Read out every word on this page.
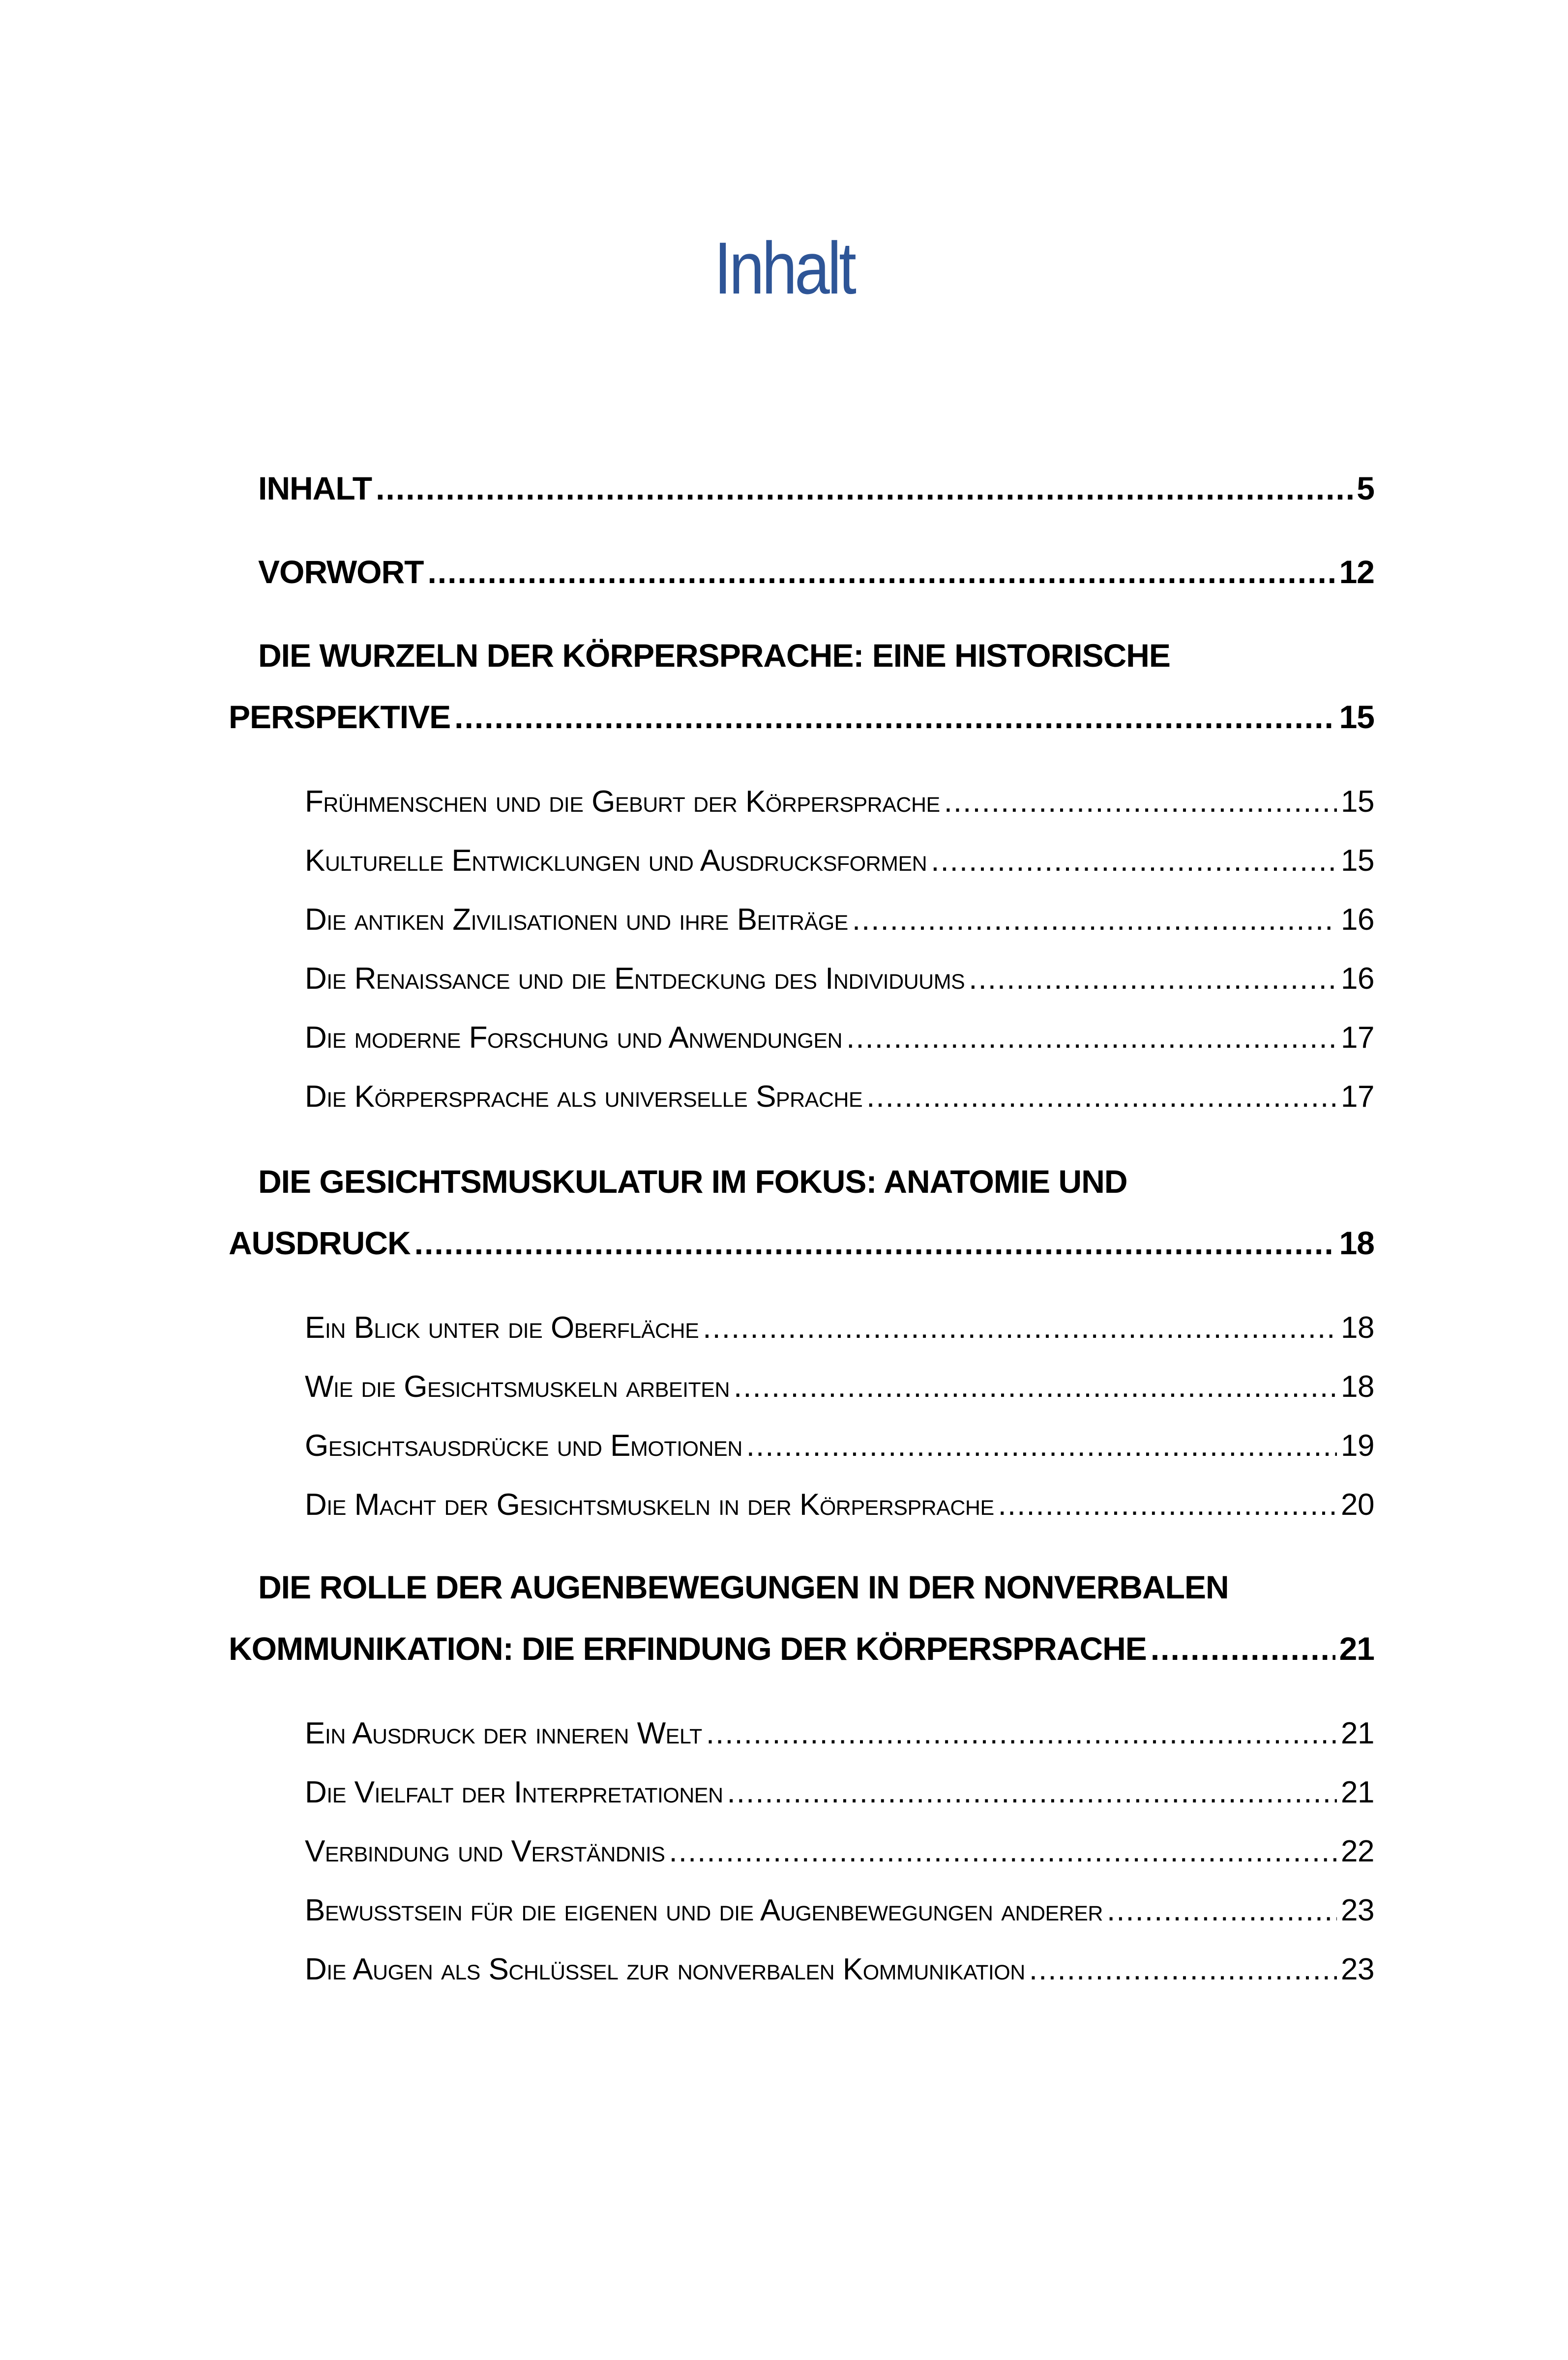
Inhalt
INHALT .....	5
VORWORT .....	12
DIE WURZELN DER KÖRPERSPRACHE: EINE HISTORISCHE
PERSPEKTIVE .....	15
Frühmenschen und die Geburt der Körpersprache .....	15
Kulturelle Entwicklungen und Ausdrucksformen .....	15
Die antiken Zivilisationen und ihre Beiträge .....	16
Die Renaissance und die Entdeckung des Individuums .....	16
Die moderne Forschung und Anwendungen .....	17
Die Körpersprache als universelle Sprache .....	17
DIE GESICHTSMUSKULATUR IM FOKUS: ANATOMIE UND
AUSDRUCK .....	18
Ein Blick unter die Oberfläche .....	18
Wie die Gesichtsmuskeln arbeiten .....	18
Gesichtsausdrücke und Emotionen .....	19
Die Macht der Gesichtsmuskeln in der Körpersprache .....	20
DIE ROLLE DER AUGENBEWEGUNGEN IN DER NONVERBALEN
KOMMUNIKATION: DIE ERFINDUNG DER KÖRPERSPRACHE .....	21
Ein Ausdruck der inneren Welt .....	21
Die Vielfalt der Interpretationen .....	21
Verbindung und Verständnis .....	22
Bewusstsein für die eigenen und die Augenbewegungen anderer .....	23
Die Augen als Schlüssel zur nonverbalen Kommunikation .....	23
